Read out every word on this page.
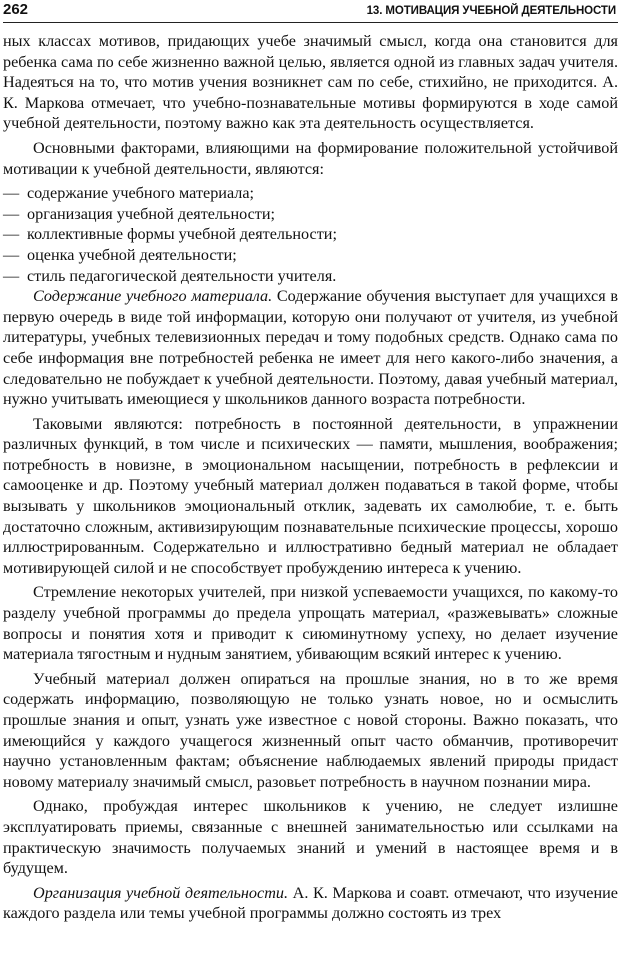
262	13. МОТИВАЦИЯ УЧЕБНОЙ ДЕЯТЕЛЬНОСТИ

ных классах мотивов, придающих учебе значимый смысл, когда она становится для ребенка сама по себе жизненно важной целью, является одной из главных задач учителя. Надеяться на то, что мотив учения возникнет сам по себе, стихийно, не приходится. А. К. Маркова отмечает, что учебно-познавательные мотивы формируются в ходе самой учебной деятельности, поэтому важно как эта деятельность осуществляется.

Основными факторами, влияющими на формирование положительной устойчивой мотивации к учебной деятельности, являются:

— содержание учебного материала;
— организация учебной деятельности;
— коллективные формы учебной деятельности;
— оценка учебной деятельности;
— стиль педагогической деятельности учителя.

Содержание учебного материала. Содержание обучения выступает для учащихся в первую очередь в виде той информации, которую они получают от учителя, из учебной литературы, учебных телевизионных передач и тому подобных средств. Однако сама по себе информация вне потребностей ребенка не имеет для него какого-либо значения, а следовательно не побуждает к учебной деятельности. Поэтому, давая учебный материал, нужно учитывать имеющиеся у школьников данного возраста потребности.

Таковыми являются: потребность в постоянной деятельности, в упражнении различных функций, в том числе и психических — памяти, мышления, воображения; потребность в новизне, в эмоциональном насыщении, потребность в рефлексии и самооценке и др. Поэтому учебный материал должен подаваться в такой форме, чтобы вызывать у школьников эмоциональный отклик, задевать их самолюбие, т. е. быть достаточно сложным, активизирующим познавательные психические процессы, хорошо иллюстрированным. Содержательно и иллюстративно бедный материал не обладает мотивирующей силой и не способствует пробуждению интереса к учению.

Стремление некоторых учителей, при низкой успеваемости учащихся, по какому-то разделу учебной программы до предела упрощать материал, «разжевывать» сложные вопросы и понятия хотя и приводит к сиюминутному успеху, но делает изучение материала тягостным и нудным занятием, убивающим всякий интерес к учению.

Учебный материал должен опираться на прошлые знания, но в то же время содержать информацию, позволяющую не только узнать новое, но и осмыслить прошлые знания и опыт, узнать уже известное с новой стороны. Важно показать, что имеющийся у каждого учащегося жизненный опыт часто обманчив, противоречит научно установленным фактам; объяснение наблюдаемых явлений природы придаст новому материалу значимый смысл, разовьет потребность в научном познании мира.

Однако, пробуждая интерес школьников к учению, не следует излишне эксплуатировать приемы, связанные с внешней занимательностью или ссылками на практическую значимость получаемых знаний и умений в настоящее время и в будущем.

Организация учебной деятельности. А. К. Маркова и соавт. отмечают, что изучение каждого раздела или темы учебной программы должно состоять из трех
